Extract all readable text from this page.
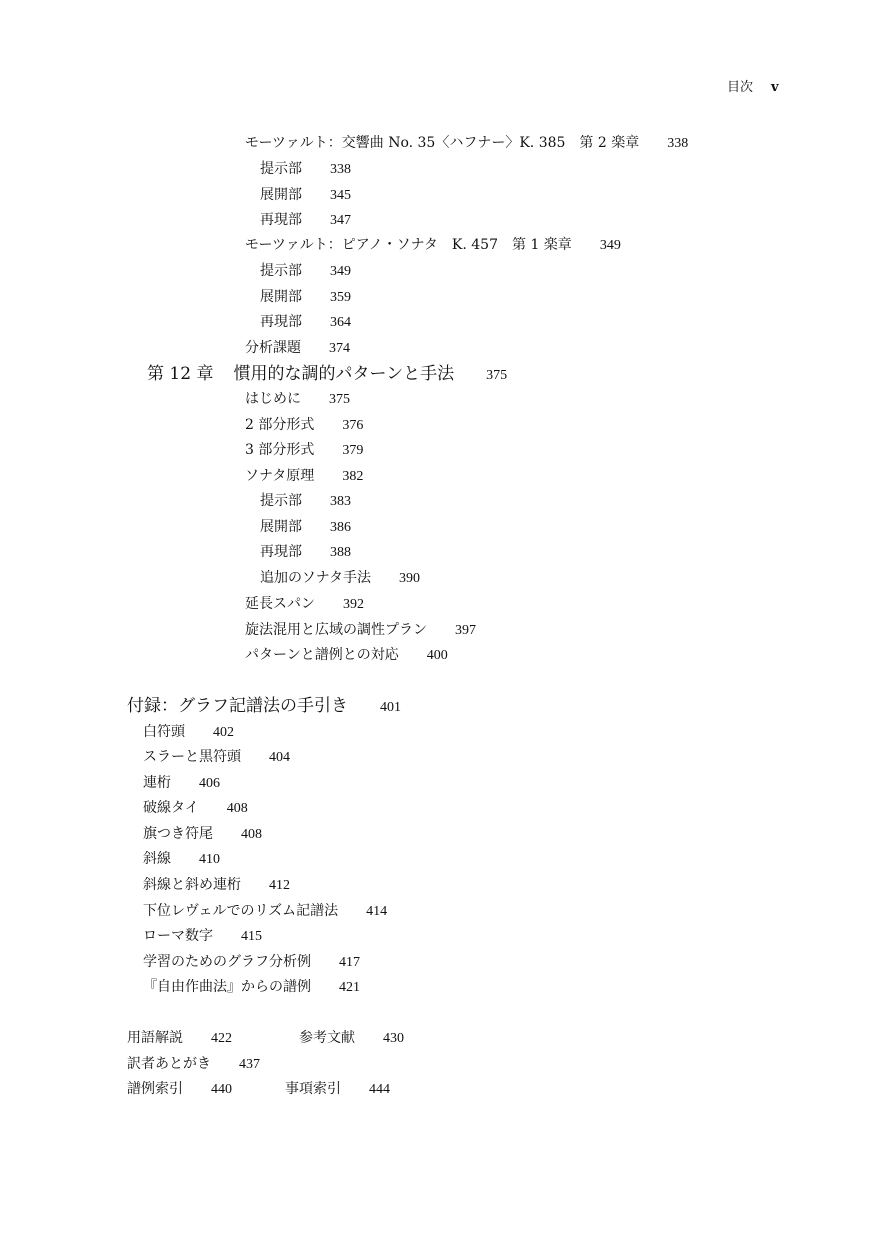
目次 v
モーツァルト：交響曲 No. 35〈ハフナー〉K. 385　第 2 楽章 338
提示部 338
展開部 345
再現部 347
モーツァルト：ピアノ・ソナタ　K. 457　第 1 楽章 349
提示部 349
展開部 359
再現部 364
分析課題 374
第 12 章 慣用的な調的パターンと手法 375
はじめに 375
2 部分形式 376
3 部分形式 379
ソナタ原理 382
提示部 383
展開部 386
再現部 388
追加のソナタ手法 390
延長スパン 392
旋法混用と広域の調性プラン 397
パターンと譜例との対応 400
付録：グラフ記譜法の手引き 401
白符頭 402
スラーと黒符頭 404
連桁 406
破線タイ 408
旗つき符尾 408
斜線 410
斜線と斜め連桁 412
下位レヴェルでのリズム記譜法 414
ローマ数字 415
学習のためのグラフ分析例 417
『自由作曲法』からの譜例 421
用語解説 422	参考文献 430
訳者あとがき 437
譜例索引 440	事項索引 444
